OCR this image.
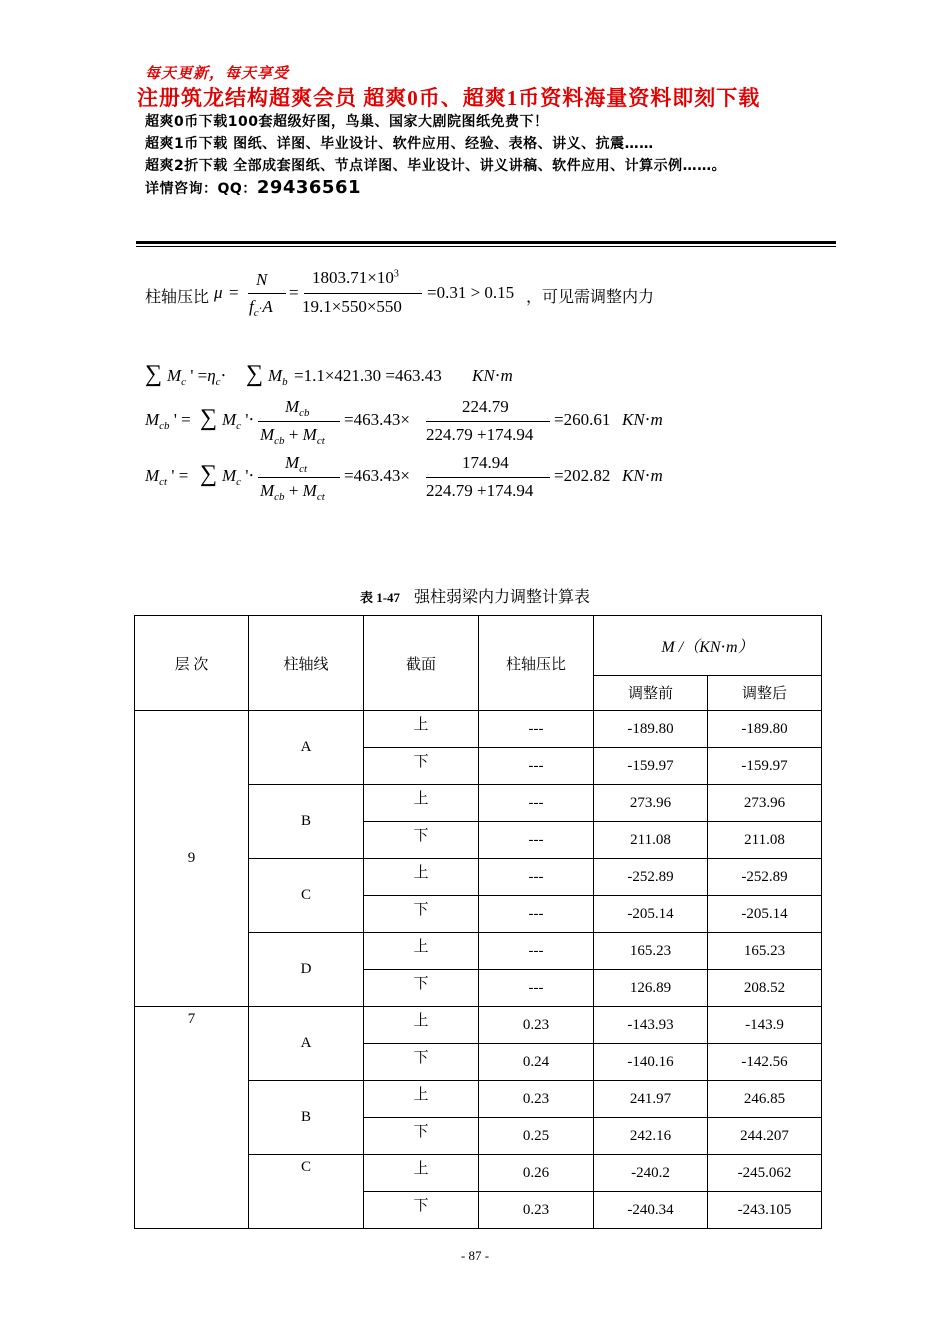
每天更新，每天享受
注册筑龙结构超爽会员 超爽0币、超爽1币资料海量资料即刻下载
超爽0币下载100套超级好图，鸟巢、国家大剧院图纸免费下！
超爽1币下载 图纸、详图、毕业设计、软件应用、经验、表格、讲义、抗震……
超爽2折下载 全部成套图纸、节点详图、毕业设计、讲义讲稿、软件应用、计算示例……。
详情咨询：QQ：29436561
柱轴压比 μ =
N
$f_c\cdot A$
=
$1803.71\times 10^3$
19.1×550×550
=0.31 > 0.15 ，可见需调整内力
∑ $M_c$ ' $=\eta_c\cdot$ ∑ $M_b =1.1\times 421.30 =463.43$ KN⋅m
$M_{cb}$ ' = ∑ $M_c$ '⋅
$M_{cb}$
$M_{cb} + M_{ct}$
=463.43×
224.79
224.79 +174.94
=260.61 KN⋅m
$M_{ct}$ ' = ∑ $M_c$ '⋅
$M_{ct}$
$M_{cb} + M_{ct}$
=463.43×
174.94
224.79 +174.94
=202.82 KN⋅m
表 1-47 强柱弱梁内力调整计算表
层 次	柱轴线	截面	柱轴压比	M /（KN⋅m）	
				调整前	调整后
9	A	上	---	-189.80	-189.80
		下	---	-159.97	-159.97
	B	上	---	273.96	273.96
		下	---	211.08	211.08
	C	上	---	-252.89	-252.89
		下	---	-205.14	-205.14
	D	上	---	165.23	165.23
		下	---	126.89	208.52
7	A	上	0.23	-143.93	-143.9
		下	0.24	-140.16	-142.56
	B	上	0.23	241.97	246.85
		下	0.25	242.16	244.207
	C	上	0.26	-240.2	-245.062
		下	0.23	-240.34	-243.105
- 87 -
